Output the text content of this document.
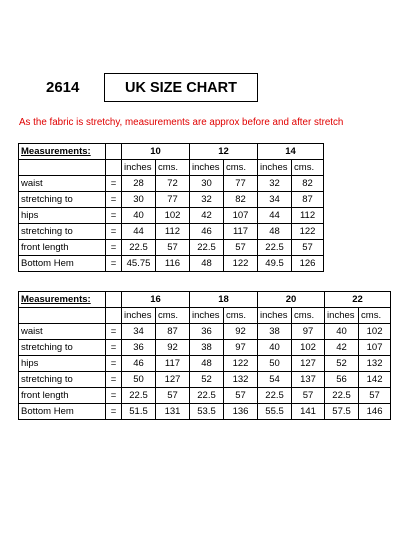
2614	UK SIZE CHART
As the fabric is stretchy, measurements are approx before and after stretch
Measurements:		10		12		14	
		inches	cms.	inches	cms.	inches	cms.
waist	=	28	72	30	77	32	82
stretching to	=	30	77	32	82	34	87
hips	=	40	102	42	107	44	112
stretching to	=	44	112	46	117	48	122
front length	=	22.5	57	22.5	57	22.5	57
Bottom Hem	=	45.75	116	48	122	49.5	126
Measurements:		16		18		20		22	
		inches	cms.	inches	cms.	inches	cms.	inches	cms.
waist	=	34	87	36	92	38	97	40	102
stretching to	=	36	92	38	97	40	102	42	107
hips	=	46	117	48	122	50	127	52	132
stretching to	=	50	127	52	132	54	137	56	142
front length	=	22.5	57	22.5	57	22.5	57	22.5	57
Bottom Hem	=	51.5	131	53.5	136	55.5	141	57.5	146
